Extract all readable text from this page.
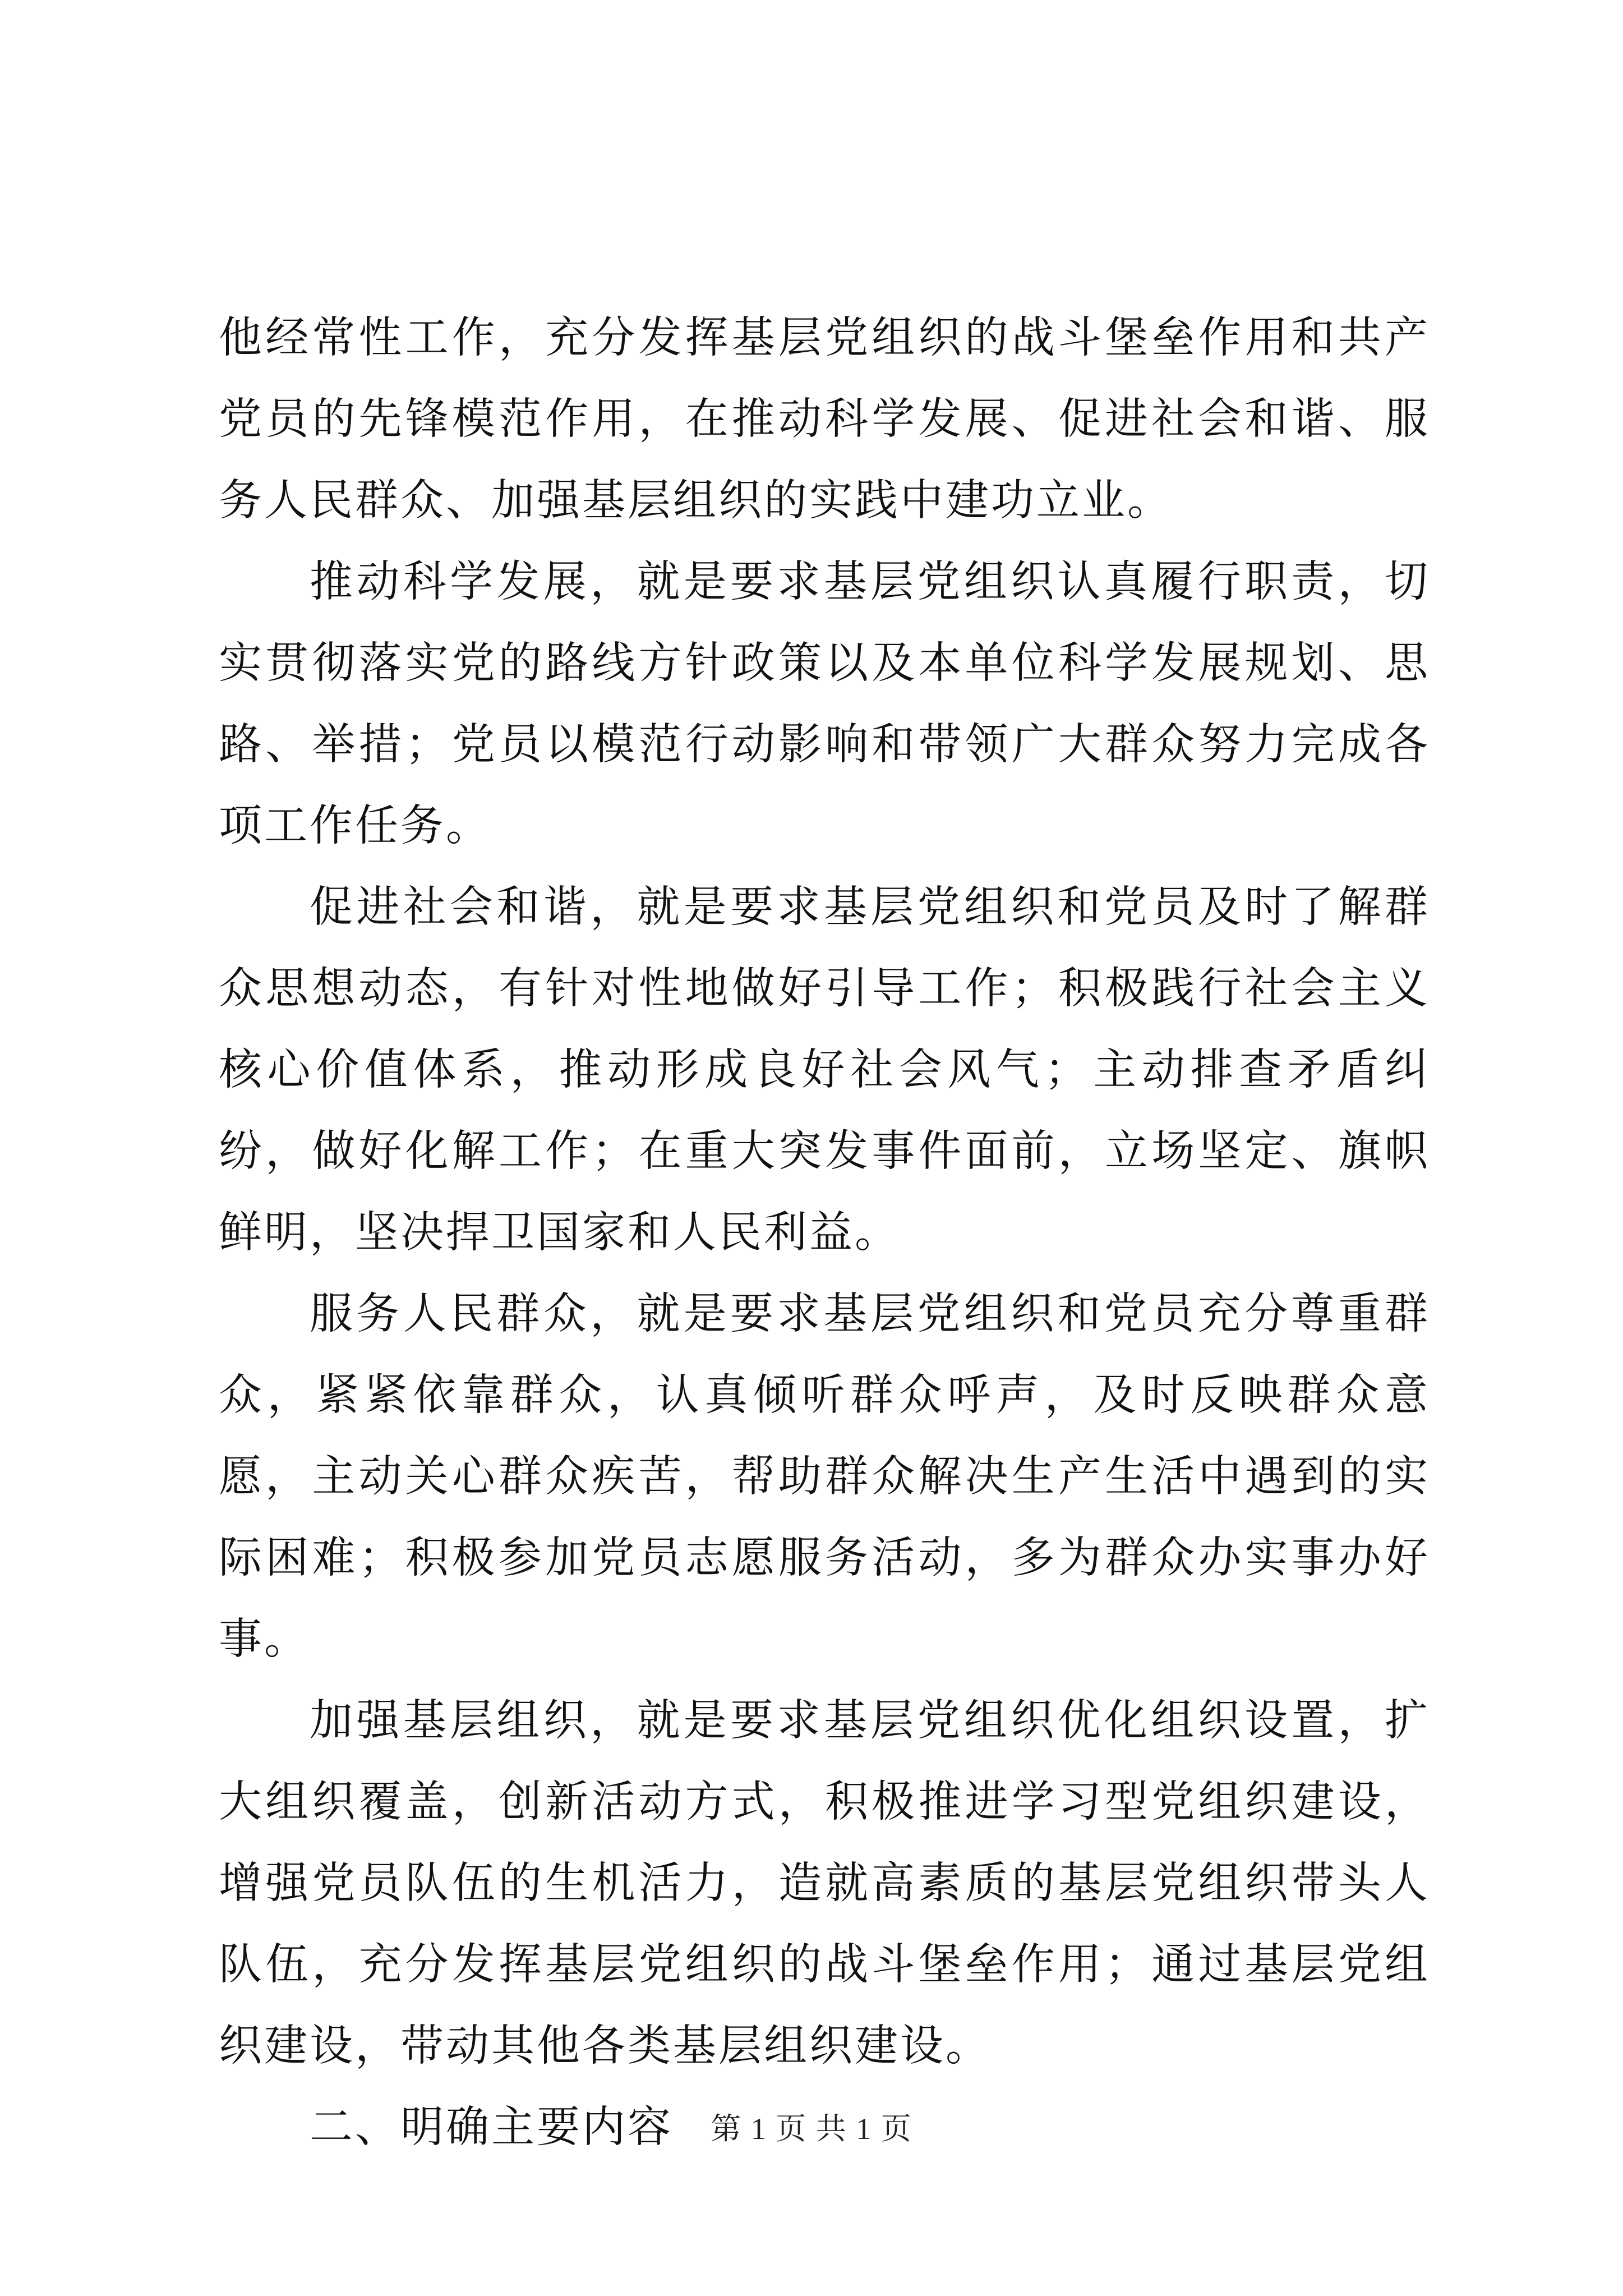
他经常性工作，充分发挥基层党组织的战斗堡垒作用和共产党员的先锋模范作用，在推动科学发展、促进社会和谐、服务人民群众、加强基层组织的实践中建功立业。

推动科学发展，就是要求基层党组织认真履行职责，切实贯彻落实党的路线方针政策以及本单位科学发展规划、思路、举措；党员以模范行动影响和带领广大群众努力完成各项工作任务。

促进社会和谐，就是要求基层党组织和党员及时了解群众思想动态，有针对性地做好引导工作；积极践行社会主义核心价值体系，推动形成良好社会风气；主动排查矛盾纠纷，做好化解工作；在重大突发事件面前，立场坚定、旗帜鲜明，坚决捍卫国家和人民利益。

服务人民群众，就是要求基层党组织和党员充分尊重群众，紧紧依靠群众，认真倾听群众呼声，及时反映群众意愿，主动关心群众疾苦，帮助群众解决生产生活中遇到的实际困难；积极参加党员志愿服务活动，多为群众办实事办好事。

加强基层组织，就是要求基层党组织优化组织设置，扩大组织覆盖，创新活动方式，积极推进学习型党组织建设，增强党员队伍的生机活力，造就高素质的基层党组织带头人队伍，充分发挥基层党组织的战斗堡垒作用；通过基层党组织建设，带动其他各类基层组织建设。

二、明确主要内容	第 1 页 共 1 页
